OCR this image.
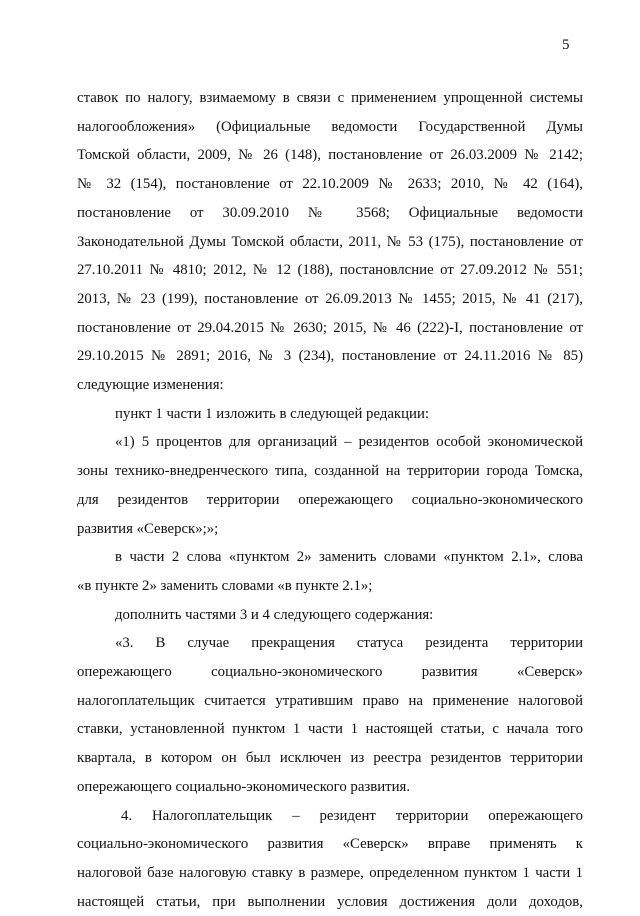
5

ставок по налогу, взимаемому в связи с применением упрощенной системы

налогообложения» (Официальные ведомости Государственной Думы

Томской области, 2009, № 26 (148), постановление от 26.03.2009 № 2142;

№ 32 (154), постановление от 22.10.2009 № 2633; 2010, № 42 (164),

постановление от 30.09.2010 № 3568; Официальные ведомости

Законодательной Думы Томской области, 2011, № 53 (175), постановление от

27.10.2011 № 4810; 2012, № 12 (188), постановлсние от 27.09.2012 № 551;

2013, № 23 (199), постановление от 26.09.2013 № 1455; 2015, № 41 (217),

постановление от 29.04.2015 № 2630; 2015, № 46 (222)-I, постановление от

29.10.2015 № 2891; 2016, № 3 (234), постановление от 24.11.2016 № 85)

следующие изменения:

пункт 1 части 1 изложить в следующей редакции:

«1) 5 процентов для организаций – резидентов особой экономической

зоны технико-внедренческого типа, созданной на территории города Томска,

для резидентов территории опережающего социально-экономического

развития «Северск»;»;

в части 2 слова «пунктом 2» заменить словами «пунктом 2.1», слова

«в пункте 2» заменить словами «в пункте 2.1»;

дополнить частями 3 и 4 следующего содержания:

«3. В случае прекращения статуса резидента территории

опережающего социально-экономического развития «Северск»

налогоплательщик считается утратившим право на применение налоговой

ставки, установленной пунктом 1 части 1 настоящей статьи, с начала того

квартала, в котором он был исключен из реестра резидентов территории

опережающего социально-экономического развития.

4. Налогоплательщик – резидент территории опережающего

социально-экономического развития «Северск» вправе применять к

налоговой базе налоговую ставку в размере, определенном пунктом 1 части 1

настоящей статьи, при выполнении условия достижения доли доходов,
